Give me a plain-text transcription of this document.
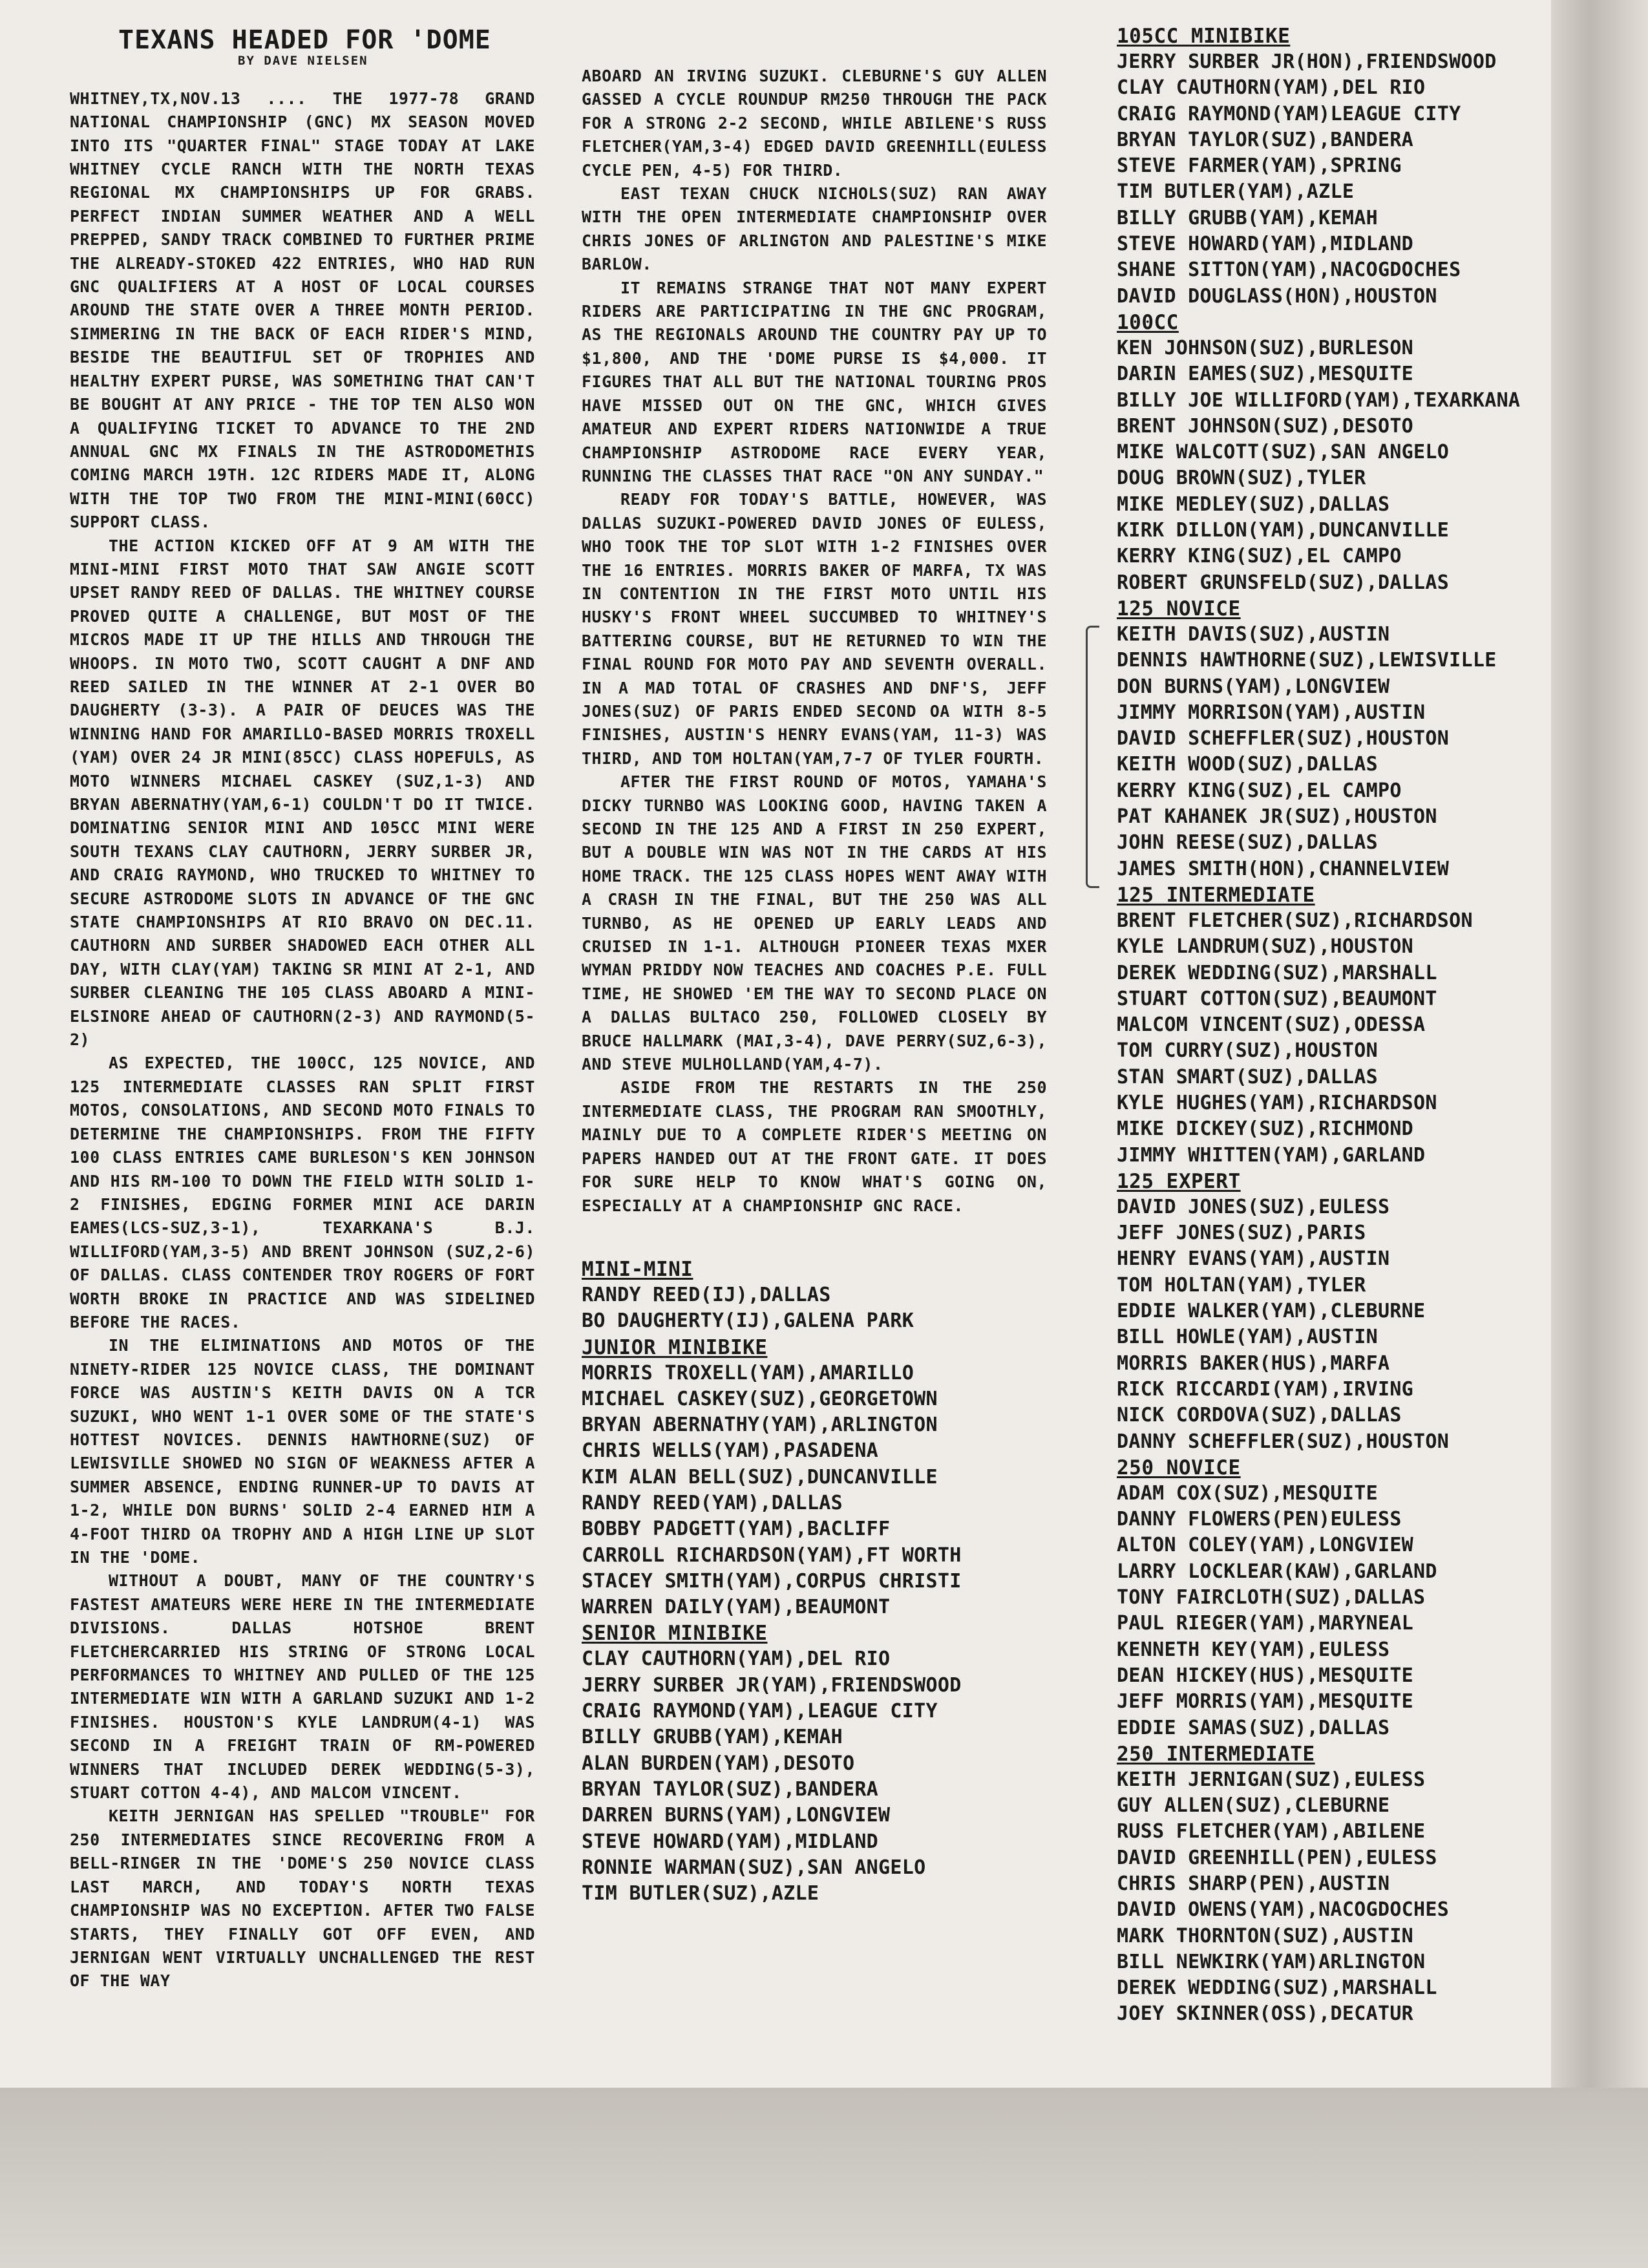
TEXANS HEADED FOR 'DOME
BY DAVE NIELSEN

WHITNEY,TX,NOV.13 .... THE 1977-78 GRAND NATIONAL CHAMPIONSHIP (GNC) MX SEASON MOVED INTO ITS "QUARTER FINAL" STAGE TODAY AT LAKE WHITNEY CYCLE RANCH WITH THE NORTH TEXAS REGIONAL MX CHAMPIONSHIPS UP FOR GRABS. PERFECT INDIAN SUMMER WEATHER AND A WELL PREPPED, SANDY TRACK COMBINED TO FURTHER PRIME THE ALREADY-STOKED 422 ENTRIES, WHO HAD RUN GNC QUALIFIERS AT A HOST OF LOCAL COURSES AROUND THE STATE OVER A THREE MONTH PERIOD. SIMMERING IN THE BACK OF EACH RIDER'S MIND, BESIDE THE BEAUTIFUL SET OF TROPHIES AND HEALTHY EXPERT PURSE, WAS SOMETHING THAT CAN'T BE BOUGHT AT ANY PRICE - THE TOP TEN ALSO WON A QUALIFYING TICKET TO ADVANCE TO THE 2ND ANNUAL GNC MX FINALS IN THE ASTRODOMETHIS COMING MARCH 19TH. 12C RIDERS MADE IT, ALONG WITH THE TOP TWO FROM THE MINI-MINI(60CC) SUPPORT CLASS.

THE ACTION KICKED OFF AT 9 AM WITH THE MINI-MINI FIRST MOTO THAT SAW ANGIE SCOTT UPSET RANDY REED OF DALLAS. THE WHITNEY COURSE PROVED QUITE A CHALLENGE, BUT MOST OF THE MICROS MADE IT UP THE HILLS AND THROUGH THE WHOOPS. IN MOTO TWO, SCOTT CAUGHT A DNF AND REED SAILED IN THE WINNER AT 2-1 OVER BO DAUGHERTY (3-3). A PAIR OF DEUCES WAS THE WINNING HAND FOR AMARILLO-BASED MORRIS TROXELL (YAM) OVER 24 JR MINI(85CC) CLASS HOPEFULS, AS MOTO WINNERS MICHAEL CASKEY (SUZ,1-3) AND BRYAN ABERNATHY(YAM,6-1) COULDN'T DO IT TWICE. DOMINATING SENIOR MINI AND 105CC MINI WERE SOUTH TEXANS CLAY CAUTHORN, JERRY SURBER JR, AND CRAIG RAYMOND, WHO TRUCKED TO WHITNEY TO SECURE ASTRODOME SLOTS IN ADVANCE OF THE GNC STATE CHAMPIONSHIPS AT RIO BRAVO ON DEC.11. CAUTHORN AND SURBER SHADOWED EACH OTHER ALL DAY, WITH CLAY(YAM) TAKING SR MINI AT 2-1, AND SURBER CLEANING THE 105 CLASS ABOARD A MINI-ELSINORE AHEAD OF CAUTHORN(2-3) AND RAYMOND(5-2)

AS EXPECTED, THE 100CC, 125 NOVICE, AND 125 INTERMEDIATE CLASSES RAN SPLIT FIRST MOTOS, CONSOLATIONS, AND SECOND MOTO FINALS TO DETERMINE THE CHAMPIONSHIPS. FROM THE FIFTY 100 CLASS ENTRIES CAME BURLESON'S KEN JOHNSON AND HIS RM-100 TO DOWN THE FIELD WITH SOLID 1-2 FINISHES, EDGING FORMER MINI ACE DARIN EAMES(LCS-SUZ,3-1), TEXARKANA'S B.J. WILLIFORD(YAM,3-5) AND BRENT JOHNSON (SUZ,2-6) OF DALLAS. CLASS CONTENDER TROY ROGERS OF FORT WORTH BROKE IN PRACTICE AND WAS SIDELINED BEFORE THE RACES.

IN THE ELIMINATIONS AND MOTOS OF THE NINETY-RIDER 125 NOVICE CLASS, THE DOMINANT FORCE WAS AUSTIN'S KEITH DAVIS ON A TCR SUZUKI, WHO WENT 1-1 OVER SOME OF THE STATE'S HOTTEST NOVICES. DENNIS HAWTHORNE(SUZ) OF LEWISVILLE SHOWED NO SIGN OF WEAKNESS AFTER A SUMMER ABSENCE, ENDING RUNNER-UP TO DAVIS AT 1-2, WHILE DON BURNS' SOLID 2-4 EARNED HIM A 4-FOOT THIRD OA TROPHY AND A HIGH LINE UP SLOT IN THE 'DOME.

WITHOUT A DOUBT, MANY OF THE COUNTRY'S FASTEST AMATEURS WERE HERE IN THE INTERMEDIATE DIVISIONS. DALLAS HOTSHOE BRENT FLETCHERCARRIED HIS STRING OF STRONG LOCAL PERFORMANCES TO WHITNEY AND PULLED OF THE 125 INTERMEDIATE WIN WITH A GARLAND SUZUKI AND 1-2 FINISHES. HOUSTON'S KYLE LANDRUM(4-1) WAS SECOND IN A FREIGHT TRAIN OF RM-POWERED WINNERS THAT INCLUDED DEREK WEDDING(5-3), STUART COTTON 4-4), AND MALCOM VINCENT.

KEITH JERNIGAN HAS SPELLED "TROUBLE" FOR 250 INTERMEDIATES SINCE RECOVERING FROM A BELL-RINGER IN THE 'DOME'S 250 NOVICE CLASS LAST MARCH, AND TODAY'S NORTH TEXAS CHAMPIONSHIP WAS NO EXCEPTION. AFTER TWO FALSE STARTS, THEY FINALLY GOT OFF EVEN, AND JERNIGAN WENT VIRTUALLY UNCHALLENGED THE REST OF THE WAY

ABOARD AN IRVING SUZUKI. CLEBURNE'S GUY ALLEN GASSED A CYCLE ROUNDUP RM250 THROUGH THE PACK FOR A STRONG 2-2 SECOND, WHILE ABILENE'S RUSS FLETCHER(YAM,3-4) EDGED DAVID GREENHILL(EULESS CYCLE PEN, 4-5) FOR THIRD.

EAST TEXAN CHUCK NICHOLS(SUZ) RAN AWAY WITH THE OPEN INTERMEDIATE CHAMPIONSHIP OVER CHRIS JONES OF ARLINGTON AND PALESTINE'S MIKE BARLOW.

IT REMAINS STRANGE THAT NOT MANY EXPERT RIDERS ARE PARTICIPATING IN THE GNC PROGRAM, AS THE REGIONALS AROUND THE COUNTRY PAY UP TO $1,800, AND THE 'DOME PURSE IS $4,000. IT FIGURES THAT ALL BUT THE NATIONAL TOURING PROS HAVE MISSED OUT ON THE GNC, WHICH GIVES AMATEUR AND EXPERT RIDERS NATIONWIDE A TRUE CHAMPIONSHIP ASTRODOME RACE EVERY YEAR, RUNNING THE CLASSES THAT RACE "ON ANY SUNDAY."

READY FOR TODAY'S BATTLE, HOWEVER, WAS DALLAS SUZUKI-POWERED DAVID JONES OF EULESS, WHO TOOK THE TOP SLOT WITH 1-2 FINISHES OVER THE 16 ENTRIES. MORRIS BAKER OF MARFA, TX WAS IN CONTENTION IN THE FIRST MOTO UNTIL HIS HUSKY'S FRONT WHEEL SUCCUMBED TO WHITNEY'S BATTERING COURSE, BUT HE RETURNED TO WIN THE FINAL ROUND FOR MOTO PAY AND SEVENTH OVERALL. IN A MAD TOTAL OF CRASHES AND DNF'S, JEFF JONES(SUZ) OF PARIS ENDED SECOND OA WITH 8-5 FINISHES, AUSTIN'S HENRY EVANS(YAM, 11-3) WAS THIRD, AND TOM HOLTAN(YAM,7-7 OF TYLER FOURTH.

AFTER THE FIRST ROUND OF MOTOS, YAMAHA'S DICKY TURNBO WAS LOOKING GOOD, HAVING TAKEN A SECOND IN THE 125 AND A FIRST IN 250 EXPERT, BUT A DOUBLE WIN WAS NOT IN THE CARDS AT HIS HOME TRACK. THE 125 CLASS HOPES WENT AWAY WITH A CRASH IN THE FINAL, BUT THE 250 WAS ALL TURNBO, AS HE OPENED UP EARLY LEADS AND CRUISED IN 1-1. ALTHOUGH PIONEER TEXAS MXER WYMAN PRIDDY NOW TEACHES AND COACHES P.E. FULL TIME, HE SHOWED 'EM THE WAY TO SECOND PLACE ON A DALLAS BULTACO 250, FOLLOWED CLOSELY BY BRUCE HALLMARK (MAI,3-4), DAVE PERRY(SUZ,6-3), AND STEVE MULHOLLAND(YAM,4-7).

ASIDE FROM THE RESTARTS IN THE 250 INTERMEDIATE CLASS, THE PROGRAM RAN SMOOTHLY, MAINLY DUE TO A COMPLETE RIDER'S MEETING ON PAPERS HANDED OUT AT THE FRONT GATE. IT DOES FOR SURE HELP TO KNOW WHAT'S GOING ON, ESPECIALLY AT A CHAMPIONSHIP GNC RACE.

MINI-MINI
RANDY REED(IJ),DALLAS
BO DAUGHERTY(IJ),GALENA PARK
JUNIOR MINIBIKE
MORRIS TROXELL(YAM),AMARILLO
MICHAEL CASKEY(SUZ),GEORGETOWN
BRYAN ABERNATHY(YAM),ARLINGTON
CHRIS WELLS(YAM),PASADENA
KIM ALAN BELL(SUZ),DUNCANVILLE
RANDY REED(YAM),DALLAS
BOBBY PADGETT(YAM),BACLIFF
CARROLL RICHARDSON(YAM),FT WORTH
STACEY SMITH(YAM),CORPUS CHRISTI
WARREN DAILY(YAM),BEAUMONT
SENIOR MINIBIKE
CLAY CAUTHORN(YAM),DEL RIO
JERRY SURBER JR(YAM),FRIENDSWOOD
CRAIG RAYMOND(YAM),LEAGUE CITY
BILLY GRUBB(YAM),KEMAH
ALAN BURDEN(YAM),DESOTO
BRYAN TAYLOR(SUZ),BANDERA
DARREN BURNS(YAM),LONGVIEW
STEVE HOWARD(YAM),MIDLAND
RONNIE WARMAN(SUZ),SAN ANGELO
TIM BUTLER(SUZ),AZLE
105CC MINIBIKE
JERRY SURBER JR(HON),FRIENDSWOOD
CLAY CAUTHORN(YAM),DEL RIO
CRAIG RAYMOND(YAM)LEAGUE CITY
BRYAN TAYLOR(SUZ),BANDERA
STEVE FARMER(YAM),SPRING
TIM BUTLER(YAM),AZLE
BILLY GRUBB(YAM),KEMAH
STEVE HOWARD(YAM),MIDLAND
SHANE SITTON(YAM),NACOGDOCHES
DAVID DOUGLASS(HON),HOUSTON
100CC
KEN JOHNSON(SUZ),BURLESON
DARIN EAMES(SUZ),MESQUITE
BILLY JOE WILLIFORD(YAM),TEXARKANA
BRENT JOHNSON(SUZ),DESOTO
MIKE WALCOTT(SUZ),SAN ANGELO
DOUG BROWN(SUZ),TYLER
MIKE MEDLEY(SUZ),DALLAS
KIRK DILLON(YAM),DUNCANVILLE
KERRY KING(SUZ),EL CAMPO
ROBERT GRUNSFELD(SUZ),DALLAS
125 NOVICE
KEITH DAVIS(SUZ),AUSTIN
DENNIS HAWTHORNE(SUZ),LEWISVILLE
DON BURNS(YAM),LONGVIEW
JIMMY MORRISON(YAM),AUSTIN
DAVID SCHEFFLER(SUZ),HOUSTON
KEITH WOOD(SUZ),DALLAS
KERRY KING(SUZ),EL CAMPO
PAT KAHANEK JR(SUZ),HOUSTON
JOHN REESE(SUZ),DALLAS
JAMES SMITH(HON),CHANNELVIEW
125 INTERMEDIATE
BRENT FLETCHER(SUZ),RICHARDSON
KYLE LANDRUM(SUZ),HOUSTON
DEREK WEDDING(SUZ),MARSHALL
STUART COTTON(SUZ),BEAUMONT
MALCOM VINCENT(SUZ),ODESSA
TOM CURRY(SUZ),HOUSTON
STAN SMART(SUZ),DALLAS
KYLE HUGHES(YAM),RICHARDSON
MIKE DICKEY(SUZ),RICHMOND
JIMMY WHITTEN(YAM),GARLAND
125 EXPERT
DAVID JONES(SUZ),EULESS
JEFF JONES(SUZ),PARIS
HENRY EVANS(YAM),AUSTIN
TOM HOLTAN(YAM),TYLER
EDDIE WALKER(YAM),CLEBURNE
BILL HOWLE(YAM),AUSTIN
MORRIS BAKER(HUS),MARFA
RICK RICCARDI(YAM),IRVING
NICK CORDOVA(SUZ),DALLAS
DANNY SCHEFFLER(SUZ),HOUSTON
250 NOVICE
ADAM COX(SUZ),MESQUITE
DANNY FLOWERS(PEN)EULESS
ALTON COLEY(YAM),LONGVIEW
LARRY LOCKLEAR(KAW),GARLAND
TONY FAIRCLOTH(SUZ),DALLAS
PAUL RIEGER(YAM),MARYNEAL
KENNETH KEY(YAM),EULESS
DEAN HICKEY(HUS),MESQUITE
JEFF MORRIS(YAM),MESQUITE
EDDIE SAMAS(SUZ),DALLAS
250 INTERMEDIATE
KEITH JERNIGAN(SUZ),EULESS
GUY ALLEN(SUZ),CLEBURNE
RUSS FLETCHER(YAM),ABILENE
DAVID GREENHILL(PEN),EULESS
CHRIS SHARP(PEN),AUSTIN
DAVID OWENS(YAM),NACOGDOCHES
MARK THORNTON(SUZ),AUSTIN
BILL NEWKIRK(YAM)ARLINGTON
DEREK WEDDING(SUZ),MARSHALL
JOEY SKINNER(OSS),DECATUR
